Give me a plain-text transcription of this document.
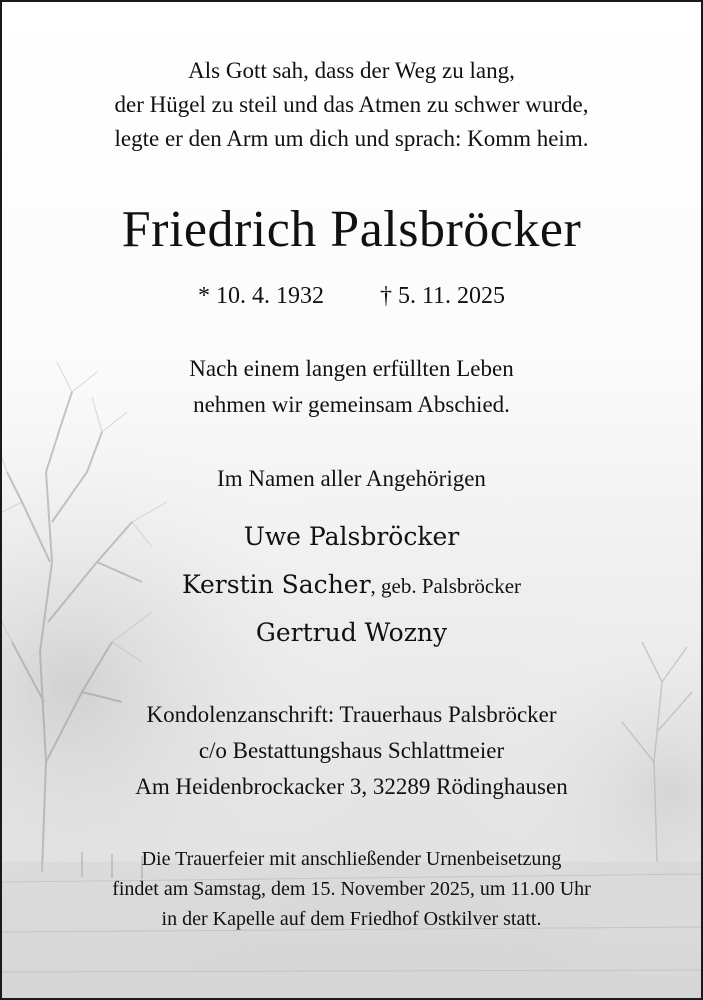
Als Gott sah, dass der Weg zu lang,
der Hügel zu steil und das Atmen zu schwer wurde,
legte er den Arm um dich und sprach: Komm heim.
Friedrich Palsbröcker
* 10. 4. 1932 † 5. 11. 2025
Nach einem langen erfüllten Leben
nehmen wir gemeinsam Abschied.
Im Namen aller Angehörigen
Uwe Palsbröcker
Kerstin Sacher, geb. Palsbröcker
Gertrud Wozny
Kondolenzanschrift: Trauerhaus Palsbröcker
c/o Bestattungshaus Schlattmeier
Am Heidenbrockacker 3, 32289 Rödinghausen
Die Trauerfeier mit anschließender Urnenbeisetzung
findet am Samstag, dem 15. November 2025, um 11.00 Uhr
in der Kapelle auf dem Friedhof Ostkilver statt.
